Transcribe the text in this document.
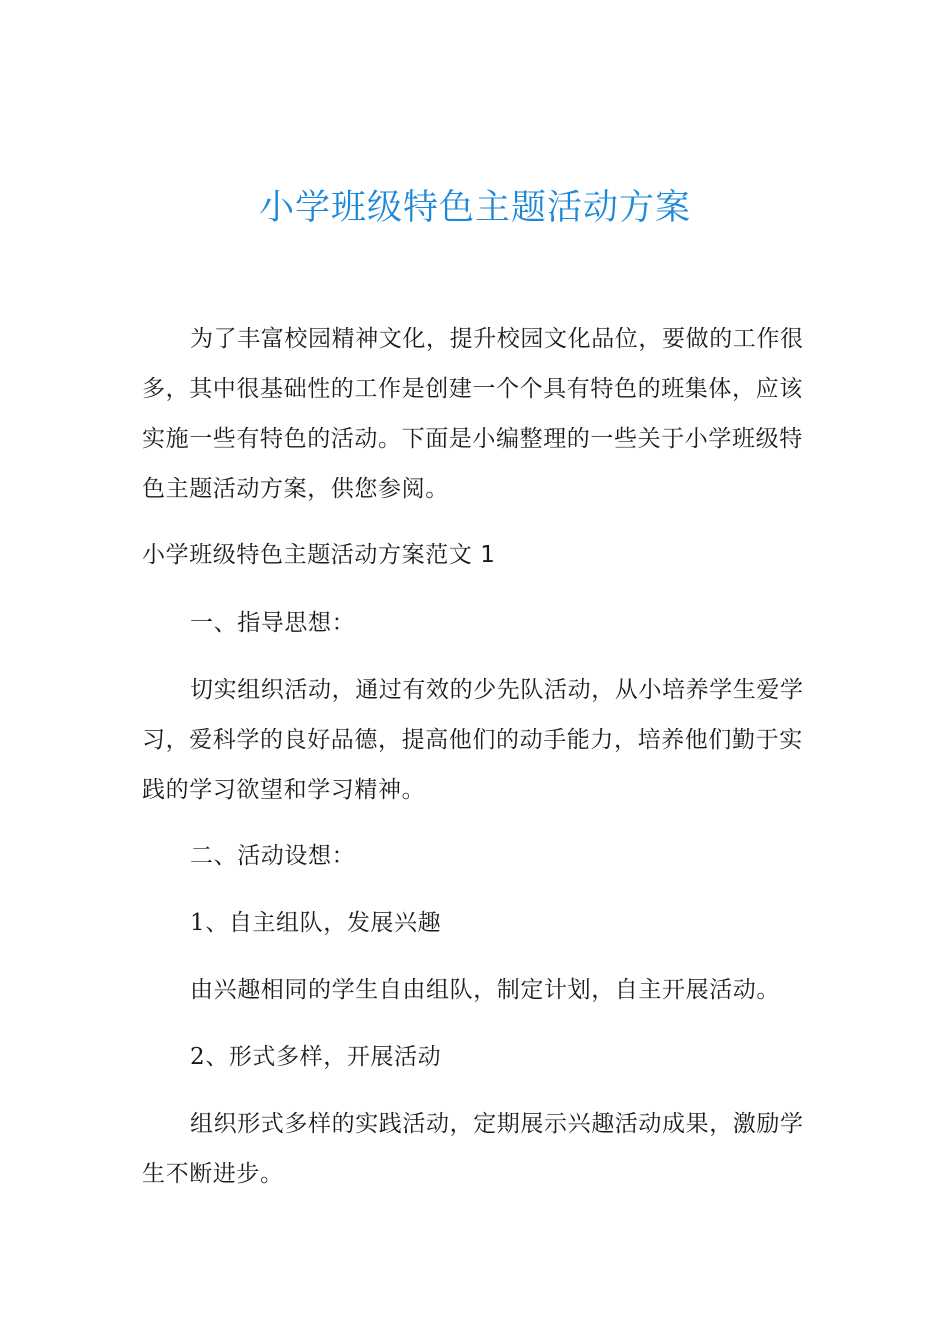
小学班级特色主题活动方案
为了丰富校园精神文化，提升校园文化品位，要做的工作很
多，其中很基础性的工作是创建一个个具有特色的班集体，应该
实施一些有特色的活动。下面是小编整理的一些关于小学班级特
色主题活动方案，供您参阅。
小学班级特色主题活动方案范文 1
一、指导思想：
切实组织活动，通过有效的少先队活动，从小培养学生爱学
习，爱科学的良好品德，提高他们的动手能力，培养他们勤于实
践的学习欲望和学习精神。
二、活动设想：
1、自主组队，发展兴趣
由兴趣相同的学生自由组队，制定计划，自主开展活动。
2、形式多样，开展活动
组织形式多样的实践活动，定期展示兴趣活动成果，激励学
生不断进步。
